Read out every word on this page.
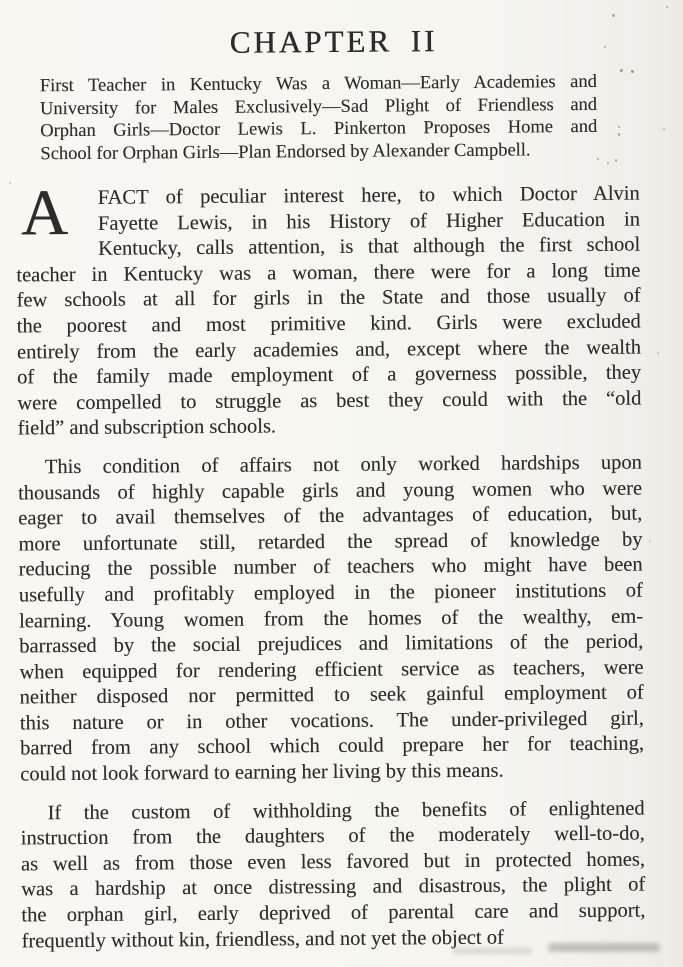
CHAPTER II
First Teacher in Kentucky Was a Woman—Early Academies and
University for Males Exclusively—Sad Plight of Friendless and
Orphan Girls—Doctor Lewis L. Pinkerton Proposes Home and
School for Orphan Girls—Plan Endorsed by Alexander Campbell.

A	FACT of peculiar interest here, to which Doctor Alvin
Fayette Lewis, in his History of Higher Education in
Kentucky, calls attention, is that although the first school
teacher in Kentucky was a woman, there were for a long time
few schools at all for girls in the State and those usually of
the poorest and most primitive kind. Girls were excluded
entirely from the early academies and, except where the wealth
of the family made employment of a governess possible, they
were compelled to struggle as best they could with the “old
field” and subscription schools.

This condition of affairs not only worked hardships upon
thousands of highly capable girls and young women who were
eager to avail themselves of the advantages of education, but,
more unfortunate still, retarded the spread of knowledge by
reducing the possible number of teachers who might have been
usefully and profitably employed in the pioneer institutions of
learning. Young women from the homes of the wealthy, em-
barrassed by the social prejudices and limitations of the period,
when equipped for rendering efficient service as teachers, were
neither disposed nor permitted to seek gainful employment of
this nature or in other vocations. The under-privileged girl,
barred from any school which could prepare her for teaching,
could not look forward to earning her living by this means.

If the custom of withholding the benefits of enlightened
instruction from the daughters of the moderately well-to-do,
as well as from those even less favored but in protected homes,
was a hardship at once distressing and disastrous, the plight of
the orphan girl, early deprived of parental care and support,
frequently without kin, friendless, and not yet the object of
